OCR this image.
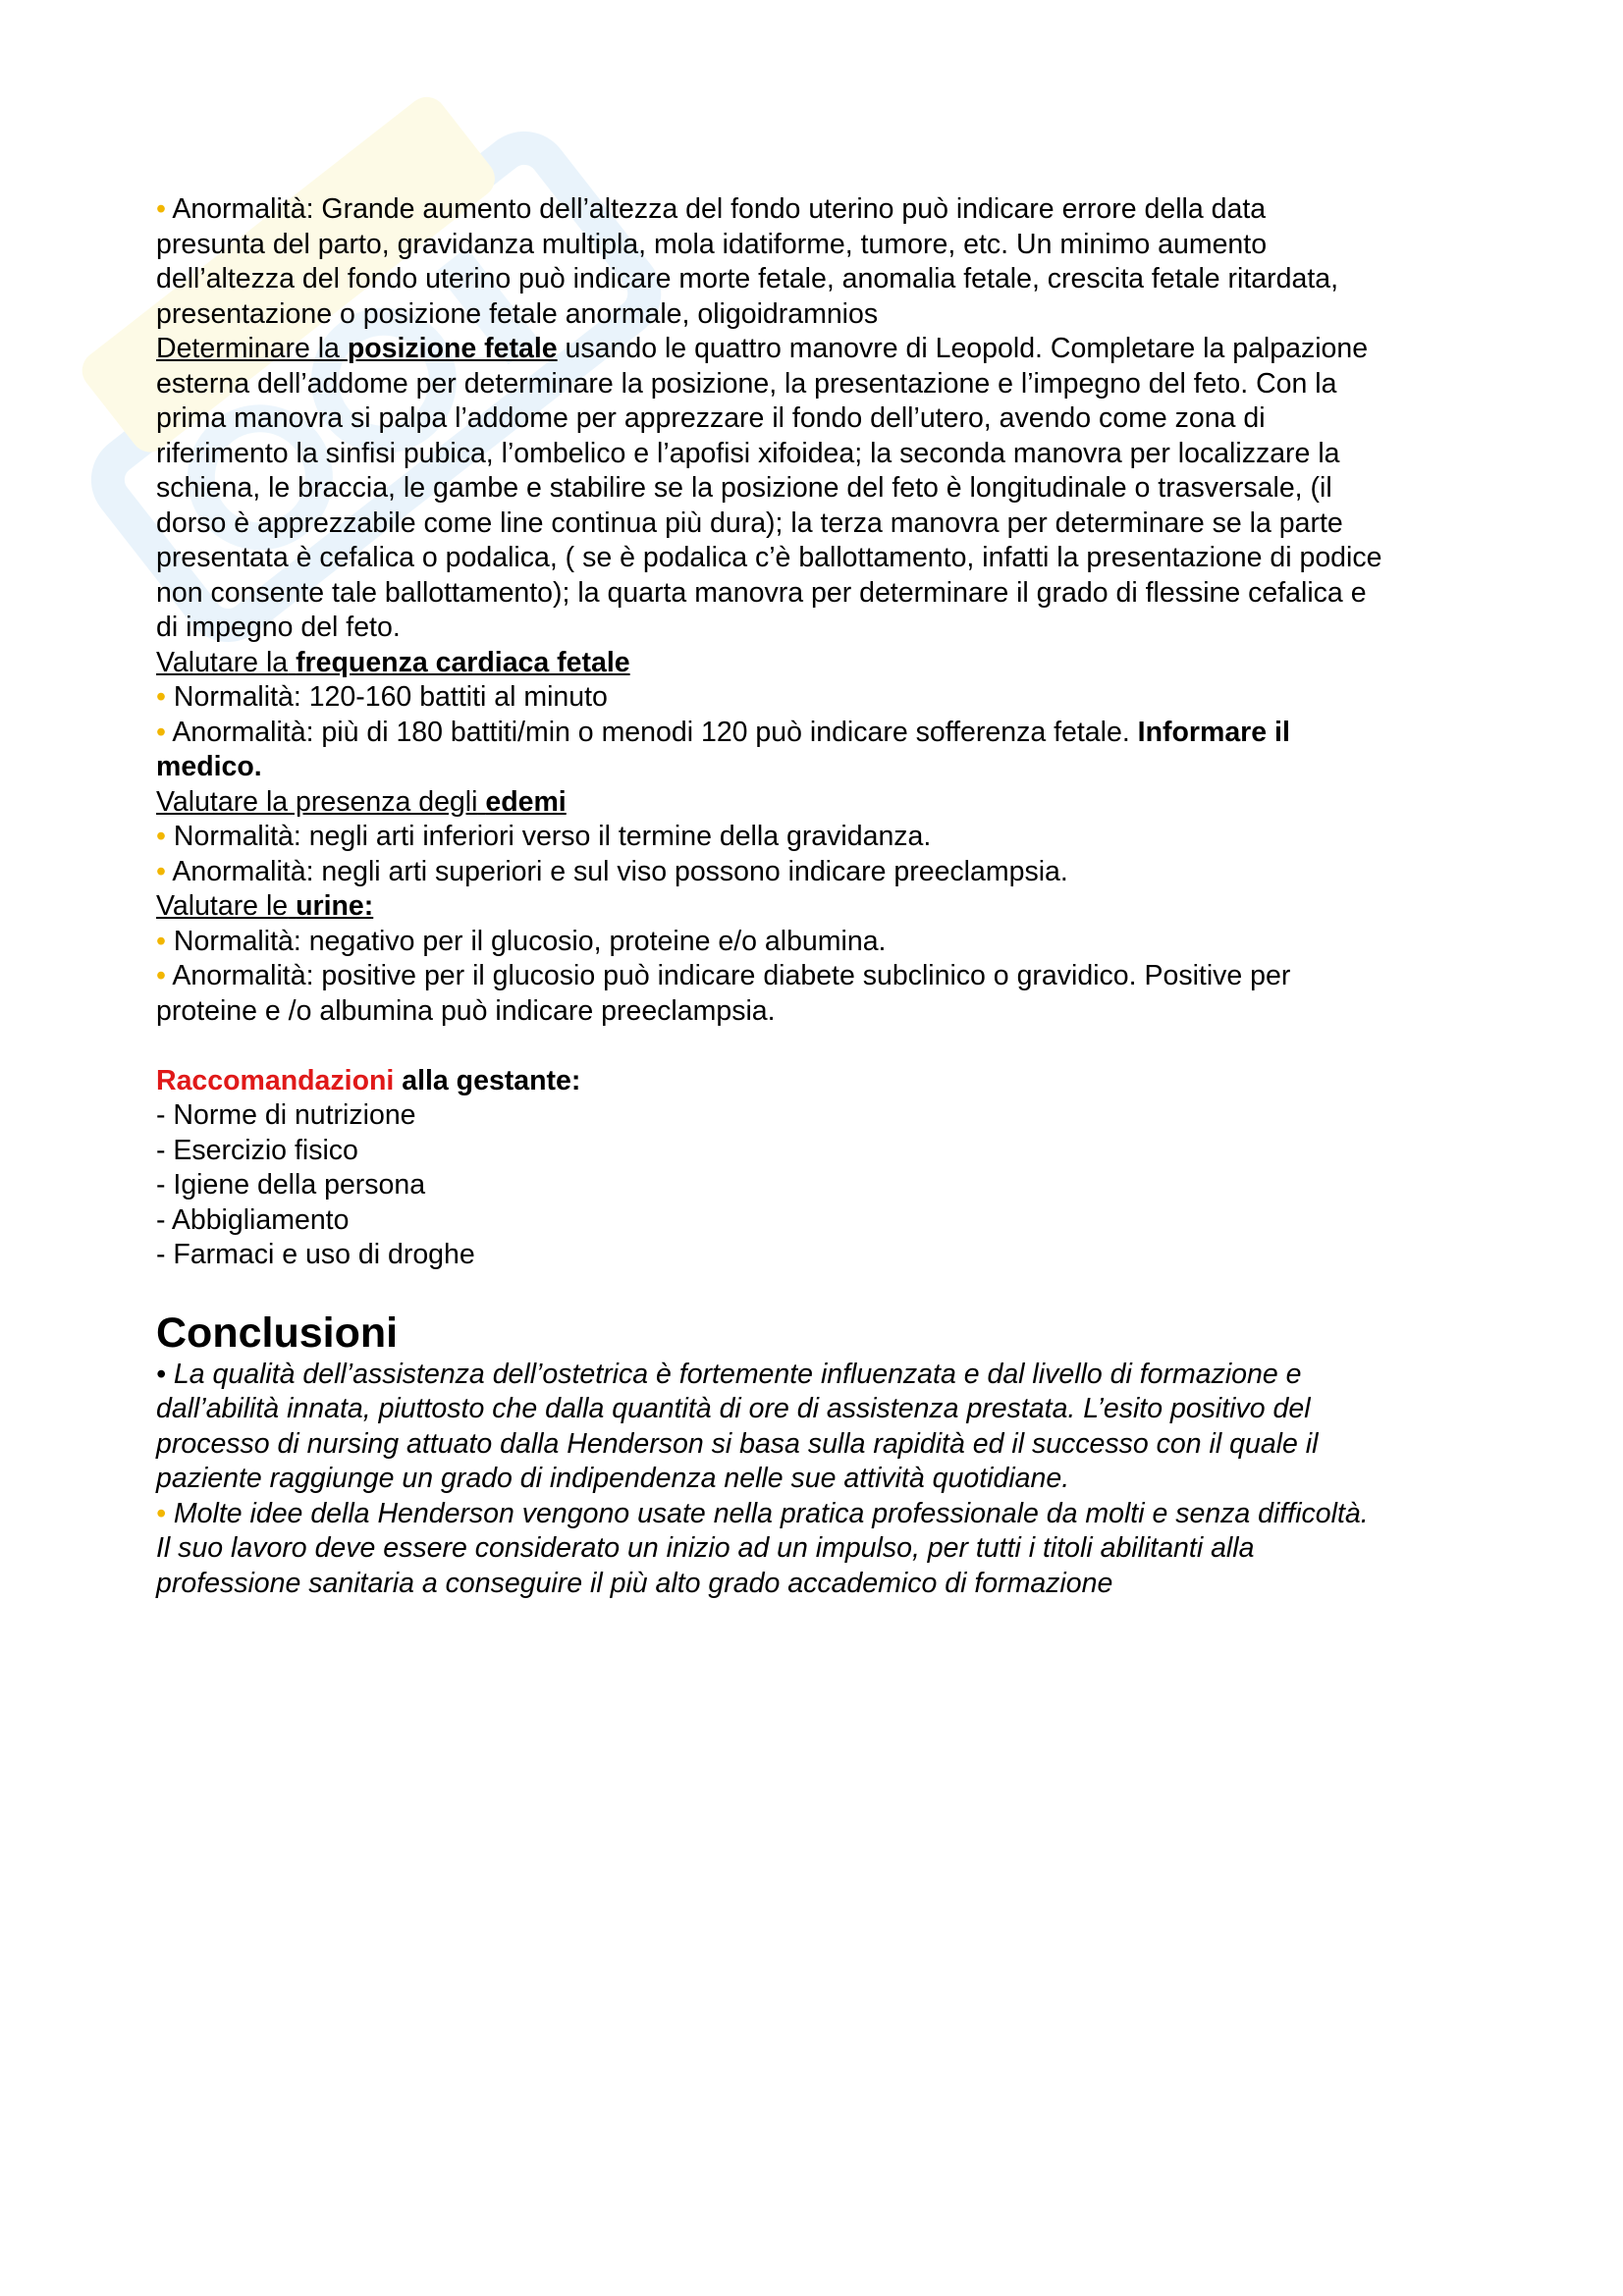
• Anormalità: Grande aumento dell’altezza del fondo uterino può indicare errore della data
presunta del parto, gravidanza multipla, mola idatiforme, tumore, etc. Un minimo aumento
dell’altezza del fondo uterino può indicare morte fetale, anomalia fetale, crescita fetale ritardata,
presentazione o posizione fetale anormale, oligoidramnios
Determinare la posizione fetale usando le quattro manovre di Leopold. Completare la palpazione
esterna dell’addome per determinare la posizione, la presentazione e l’impegno del feto. Con la
prima manovra si palpa l’addome per apprezzare il fondo dell’utero, avendo come zona di
riferimento la sinfisi pubica, l’ombelico e l’apofisi xifoidea; la seconda manovra per localizzare la
schiena, le braccia, le gambe e stabilire se la posizione del feto è longitudinale o trasversale, (il
dorso è apprezzabile come line continua più dura); la terza manovra per determinare se la parte
presentata è cefalica o podalica, ( se è podalica c’è ballottamento, infatti la presentazione di podice
non consente tale ballottamento); la quarta manovra per determinare il grado di flessine cefalica e
di impegno del feto.
Valutare la frequenza cardiaca fetale
• Normalità: 120-160 battiti al minuto
• Anormalità: più di 180 battiti/min o menodi 120 può indicare sofferenza fetale. Informare il
medico.
Valutare la presenza degli edemi
• Normalità: negli arti inferiori verso il termine della gravidanza.
• Anormalità: negli arti superiori e sul viso possono indicare preeclampsia.
Valutare le urine:
• Normalità: negativo per il glucosio, proteine e/o albumina.
• Anormalità: positive per il glucosio può indicare diabete subclinico o gravidico. Positive per
proteine e /o albumina può indicare preeclampsia.
Raccomandazioni alla gestante:
- Norme di nutrizione
- Esercizio fisico
- Igiene della persona
- Abbigliamento
- Farmaci e uso di droghe
Conclusioni
• La qualità dell’assistenza dell’ostetrica è fortemente influenzata e dal livello di formazione e
dall’abilità innata, piuttosto che dalla quantità di ore di assistenza prestata. L’esito positivo del
processo di nursing attuato dalla Henderson si basa sulla rapidità ed il successo con il quale il
paziente raggiunge un grado di indipendenza nelle sue attività quotidiane.
• Molte idee della Henderson vengono usate nella pratica professionale da molti e senza difficoltà.
Il suo lavoro deve essere considerato un inizio ad un impulso, per tutti i titoli abilitanti alla
professione sanitaria a conseguire il più alto grado accademico di formazione
